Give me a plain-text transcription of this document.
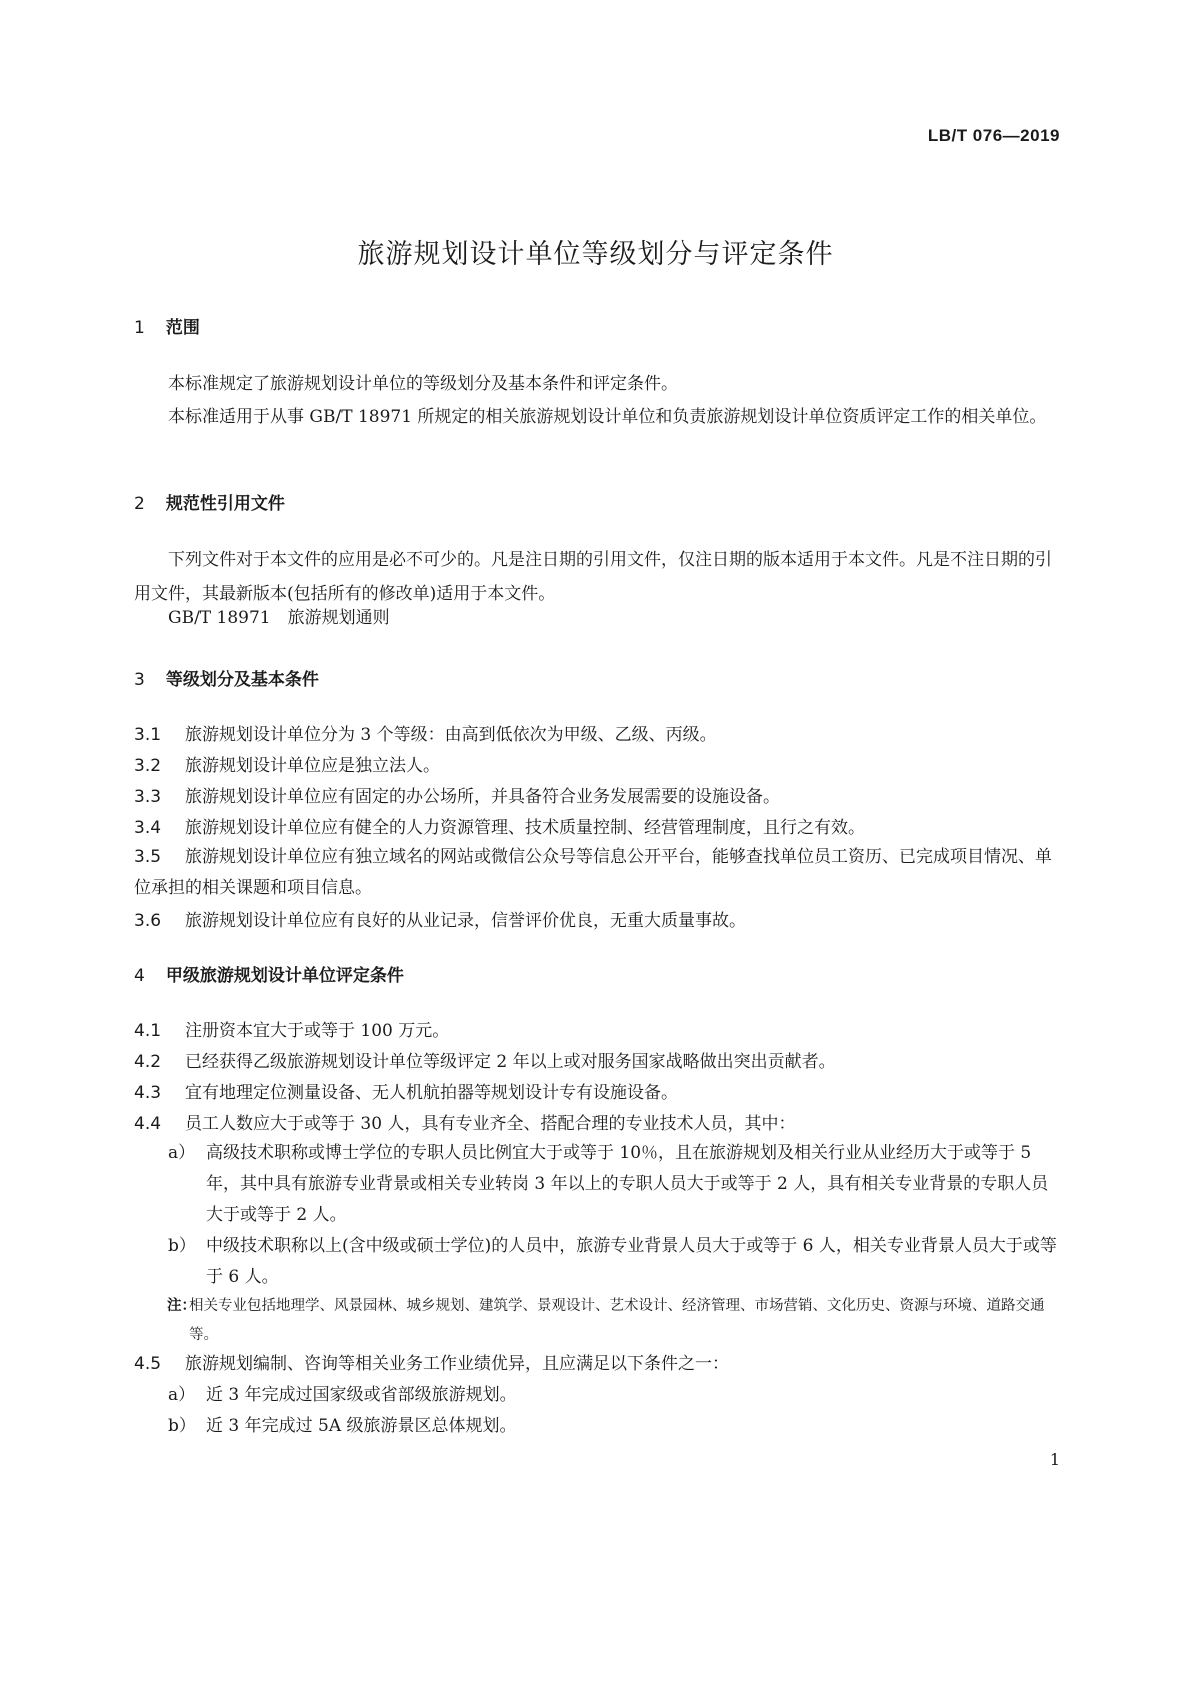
LB/T 076—2019
旅游规划设计单位等级划分与评定条件
1 范围
本标准规定了旅游规划设计单位的等级划分及基本条件和评定条件。
本标准适用于从事 GB/T 18971 所规定的相关旅游规划设计单位和负责旅游规划设计单位资质评定工作的相关单位。
2 规范性引用文件
下列文件对于本文件的应用是必不可少的。凡是注日期的引用文件，仅注日期的版本适用于本文件。凡是不注日期的引用文件，其最新版本(包括所有的修改单)适用于本文件。
GB/T 18971　旅游规划通则
3 等级划分及基本条件
3.1	旅游规划设计单位分为 3 个等级：由高到低依次为甲级、乙级、丙级。
3.2	旅游规划设计单位应是独立法人。
3.3	旅游规划设计单位应有固定的办公场所，并具备符合业务发展需要的设施设备。
3.4	旅游规划设计单位应有健全的人力资源管理、技术质量控制、经营管理制度，且行之有效。
3.5	旅游规划设计单位应有独立域名的网站或微信公众号等信息公开平台，能够查找单位员工资历、已完成项目情况、单位承担的相关课题和项目信息。
3.6	旅游规划设计单位应有良好的从业记录，信誉评价优良，无重大质量事故。
4 甲级旅游规划设计单位评定条件
4.1	注册资本宜大于或等于 100 万元。
4.2	已经获得乙级旅游规划设计单位等级评定 2 年以上或对服务国家战略做出突出贡献者。
4.3	宜有地理定位测量设备、无人机航拍器等规划设计专有设施设备。
4.4	员工人数应大于或等于 30 人，具有专业齐全、搭配合理的专业技术人员，其中：
a） 高级技术职称或博士学位的专职人员比例宜大于或等于 10％，且在旅游规划及相关行业从业经历大于或等于 5 年，其中具有旅游专业背景或相关专业转岗 3 年以上的专职人员大于或等于 2 人，具有相关专业背景的专职人员大于或等于 2 人。
b） 中级技术职称以上(含中级或硕士学位)的人员中，旅游专业背景人员大于或等于 6 人，相关专业背景人员大于或等于 6 人。
注：
相关专业包括地理学、风景园林、城乡规划、建筑学、景观设计、艺术设计、经济管理、市场营销、文化历史、资源与环境、道路交通等。
4.5	旅游规划编制、咨询等相关业务工作业绩优异，且应满足以下条件之一：
a） 近 3 年完成过国家级或省部级旅游规划。
b） 近 3 年完成过 5A 级旅游景区总体规划。
1
